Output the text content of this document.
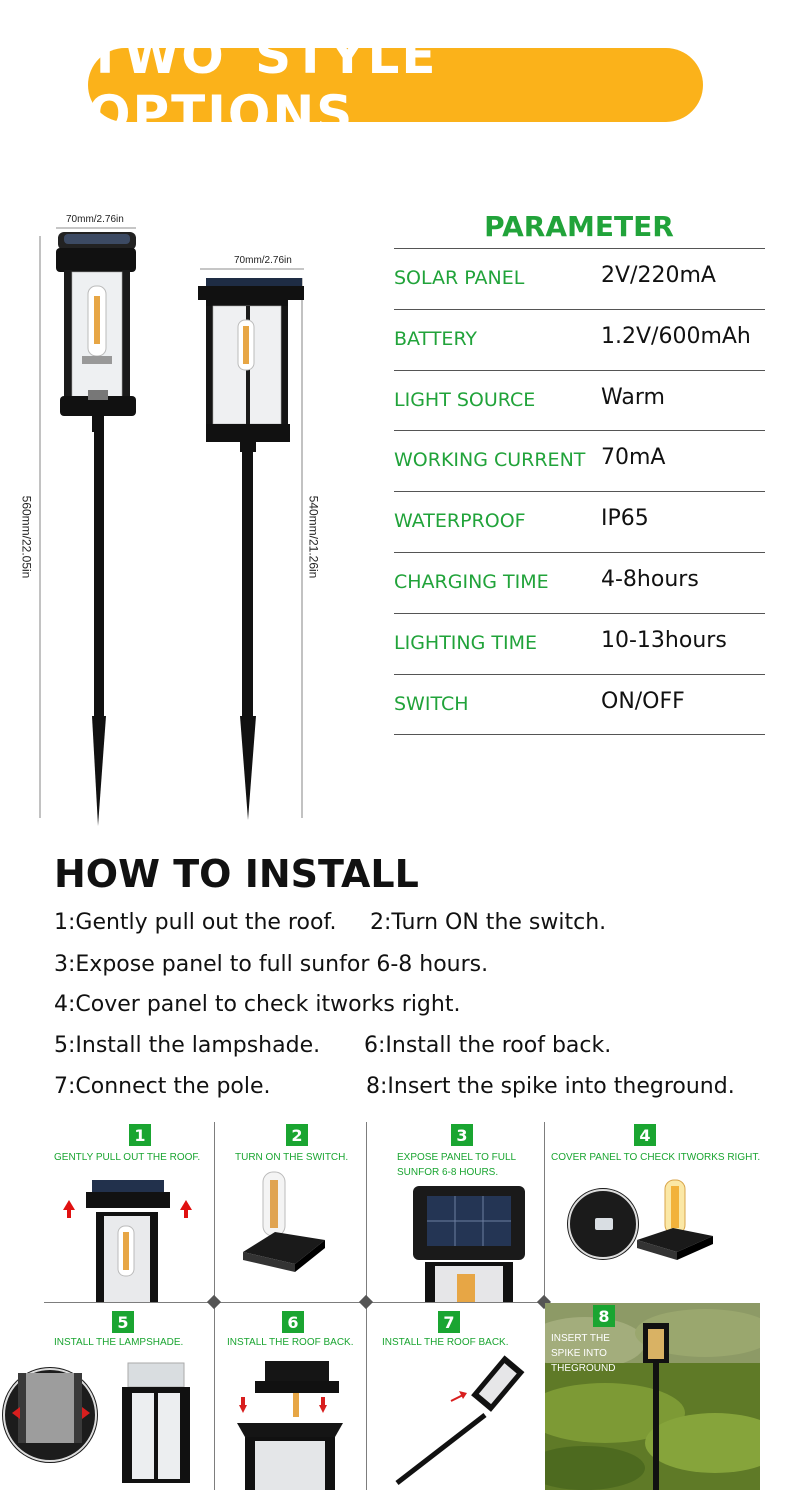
TWO STYLE OPTIONS
70mm/2.76in
70mm/2.76in
560mm/22.05in	540mm/21.26in
PARAMETER
SOLAR PANEL	2V/220mA
BATTERY	1.2V/600mAh
LIGHT SOURCE	Warm
WORKING CURRENT 70mA
WATERPROOF	IP65
CHARGING TIME 4-8hours
LIGHTING TIME	10-13hours
SWITCH	ON/OFF
HOW TO INSTALL
1:Gently pull out the roof. 2:Turn ON the switch.
3:Expose panel to full sunfor 6-8 hours.
4:Cover panel to check itworks right.
5:Install the lampshade. 6:Install the roof back.
7:Connect the pole.	8:Insert the spike into theground.
1
GENTLY PULL OUT THE ROOF.
2
TURN ON THE SWITCH.
3
EXPOSE PANEL TO FULL SUNFOR 6-8 HOURS.
4
COVER PANEL TO CHECK ITWORKS RIGHT.
5
INSTALL THE LAMPSHADE.
6
INSTALL THE ROOF BACK.
7
INSTALL THE ROOF BACK.
8
INSERT THE SPIKE INTO THEGROUND
